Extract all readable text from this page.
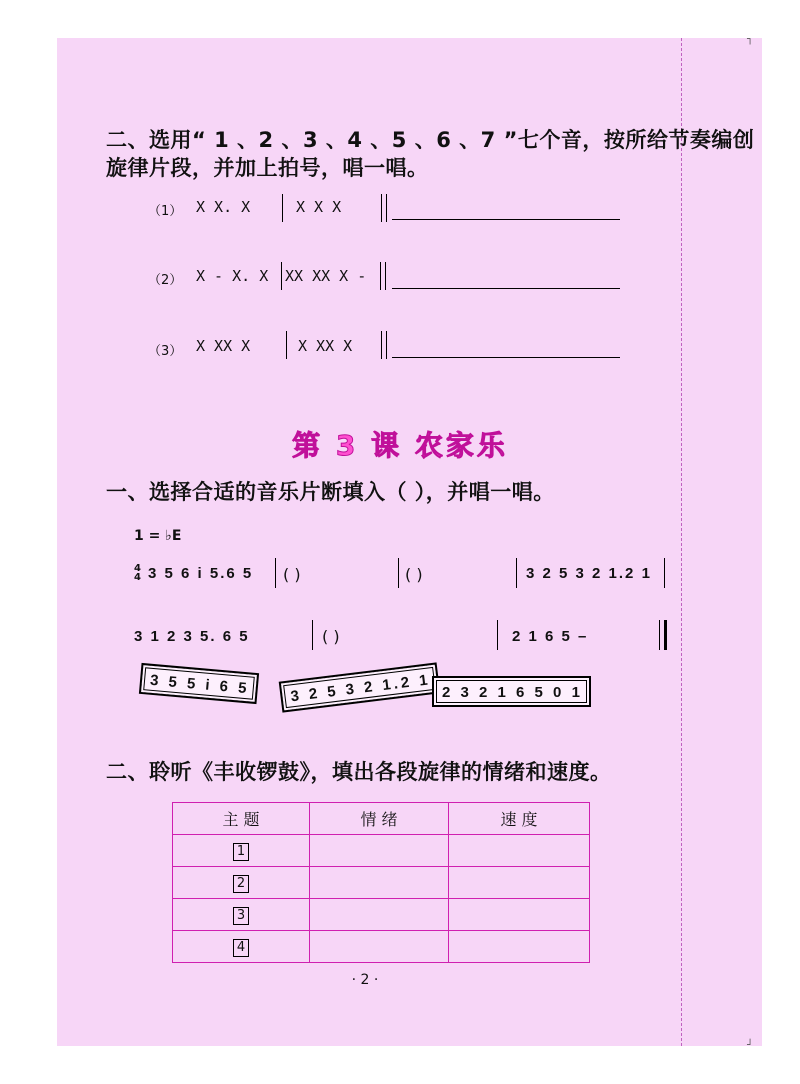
┐
┘
二、选用“ 1 、2 、3 、4 、5 、6 、7 ”七个音，按所给节奏编创
旋律片段，并加上拍号，唱一唱。
（1） X X. X	X X X
（2） X - X. X XX XX X -
（3） X XX X	X XX X
第 3 课 农家乐
一、选择合适的音乐片断填入（ ），并唱一唱。
1 = ♭E
4
4 3 5 6 i 5.6 5 ( )	( )	3 2 5 3 2 1.2 1
3 1 2 3 5. 6 5	( )	2 1 6 5 –
3 5 5 i 6 5	3 2 5 3 2 1.2 1 2 3 2 1 6 5 0 1
二、聆听《丰收锣鼓》，填出各段旋律的情绪和速度。
主 题	情 绪	速 度
1		
2		
3		
4		
· 2 ·
